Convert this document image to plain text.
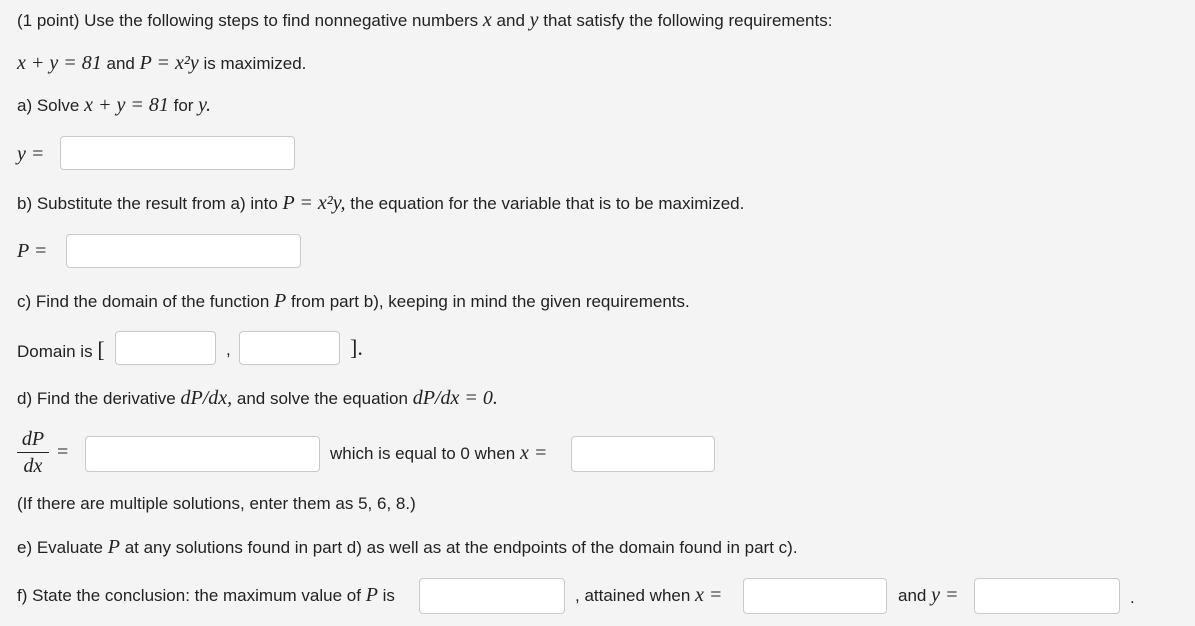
(1 point) Use the following steps to find nonnegative numbers x and y that satisfy the following requirements:
x + y = 81 and P = x²y is maximized.
a) Solve x + y = 81 for y.
y =
b) Substitute the result from a) into P = x²y, the equation for the variable that is to be maximized.
P =
c) Find the domain of the function P from part b), keeping in mind the given requirements.
Domain is [	,	].
d) Find the derivative dP/dx, and solve the equation dP/dx = 0.
dP
dx
=	which is equal to 0 when x =
(If there are multiple solutions, enter them as 5, 6, 8.)
e) Evaluate P at any solutions found in part d) as well as at the endpoints of the domain found in part c).
f) State the conclusion: the maximum value of P is	, attained when x =	and y =	.
